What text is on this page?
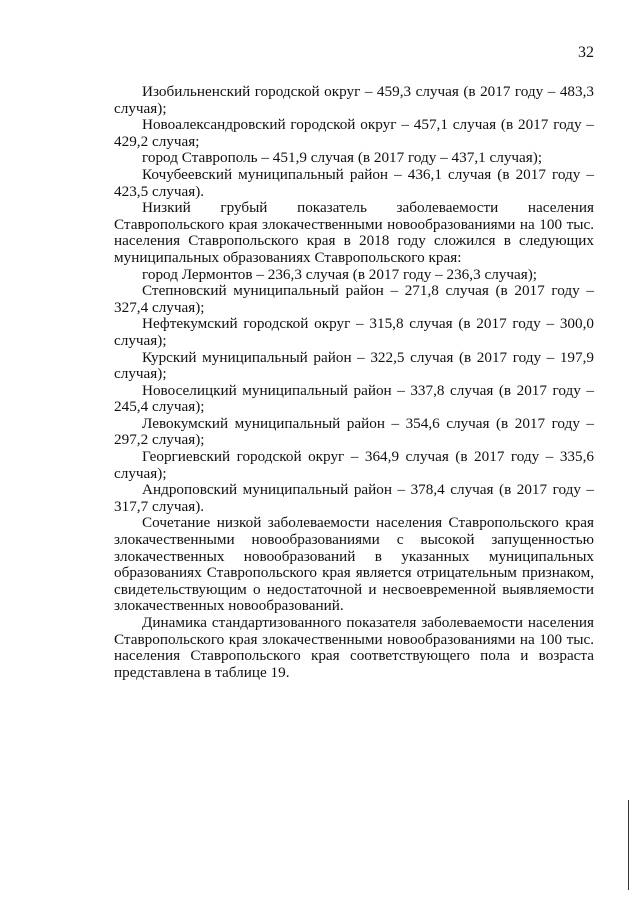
32

Изобильненский городской округ – 459,3 случая (в 2017 году – 483,3 случая);

Новоалександровский городской округ – 457,1 случая (в 2017 году – 429,2 случая;

город Ставрополь – 451,9 случая (в 2017 году – 437,1 случая);

Кочубеевский муниципальный район – 436,1 случая (в 2017 году – 423,5 случая).

Низкий грубый показатель заболеваемости населения Ставропольского края злокачественными новообразованиями на 100 тыс. населения Ставропольского края в 2018 году сложился в следующих муниципальных образованиях Ставропольского края:

город Лермонтов – 236,3 случая (в 2017 году – 236,3 случая);

Степновский муниципальный район – 271,8 случая (в 2017 году – 327,4 случая);

Нефтекумский городской округ – 315,8 случая (в 2017 году – 300,0 случая);

Курский муниципальный район – 322,5 случая (в 2017 году – 197,9 случая);

Новоселицкий муниципальный район – 337,8 случая (в 2017 году – 245,4 случая);

Левокумский муниципальный район – 354,6 случая (в 2017 году – 297,2 случая);

Георгиевский городской округ – 364,9 случая (в 2017 году – 335,6 случая);

Андроповский муниципальный район – 378,4 случая (в 2017 году – 317,7 случая).

Сочетание низкой заболеваемости населения Ставропольского края злокачественными новообразованиями с высокой запущенностью злокачественных новообразований в указанных муниципальных образованиях Ставропольского края является отрицательным признаком, свидетельствующим о недостаточной и несвоевременной выявляемости злокачественных новообразований.

Динамика стандартизованного показателя заболеваемости населения Ставропольского края злокачественными новообразованиями на 100 тыс. населения Ставропольского края соответствующего пола и возраста представлена в таблице 19.
